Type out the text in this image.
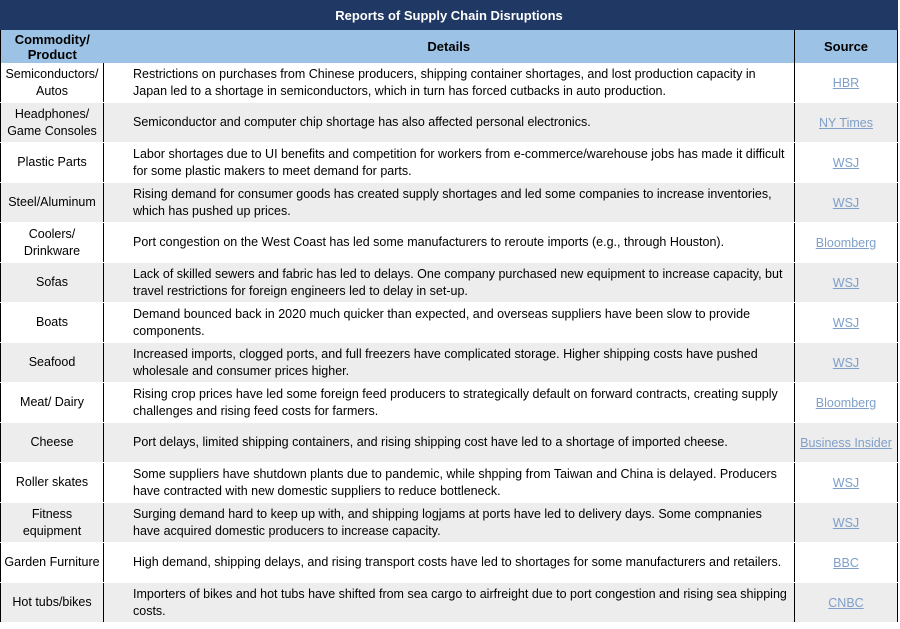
Reports of Supply Chain Disruptions		
Commodity/
Product	Details	Source
Semiconductors/
Autos	Restrictions on purchases from Chinese producers, shipping container shortages, and lost production capacity in Japan led to a shortage in semiconductors, which in turn has forced cutbacks in auto production.	HBR
Headphones/
Game Consoles	Semiconductor and computer chip shortage has also affected personal electronics.	NY Times
Plastic Parts	Labor shortages due to UI benefits and competition for workers from e-commerce/warehouse jobs has made it difficult for some plastic makers to meet demand for parts.	WSJ
Steel/Aluminum	Rising demand for consumer goods has created supply shortages and led some companies to increase inventories, which has pushed up prices.	WSJ
Coolers/
Drinkware	Port congestion on the West Coast has led some manufacturers to reroute imports (e.g., through Houston).	Bloomberg
Sofas	Lack of skilled sewers and fabric has led to delays. One company purchased new equipment to increase capacity, but travel restrictions for foreign engineers led to delay in set-up.	WSJ
Boats	Demand bounced back in 2020 much quicker than expected, and overseas suppliers have been slow to provide components.	WSJ
Seafood	Increased imports, clogged ports, and full freezers have complicated storage. Higher shipping costs have pushed wholesale and consumer prices higher.	WSJ
Meat/ Dairy	Rising crop prices have led some foreign feed producers to strategically default on forward contracts, creating supply challenges and rising feed costs for farmers.	Bloomberg
Cheese	Port delays, limited shipping containers, and rising shipping cost have led to a shortage of imported cheese.	Business Insider
Roller skates	Some suppliers have shutdown plants due to pandemic, while shpping from Taiwan and China is delayed. Producers have contracted with new domestic suppliers to reduce bottleneck.	WSJ
Fitness
equipment	Surging demand hard to keep up with, and shipping logjams at ports have led to delivery days. Some compnanies have acquired domestic producers to increase capacity.	WSJ
Garden Furniture	High demand, shipping delays, and rising transport costs have led to shortages for some manufacturers and retailers.	BBC
Hot tubs/bikes	Importers of bikes and hot tubs have shifted from sea cargo to airfreight due to port congestion and rising sea shipping costs.	CNBC
